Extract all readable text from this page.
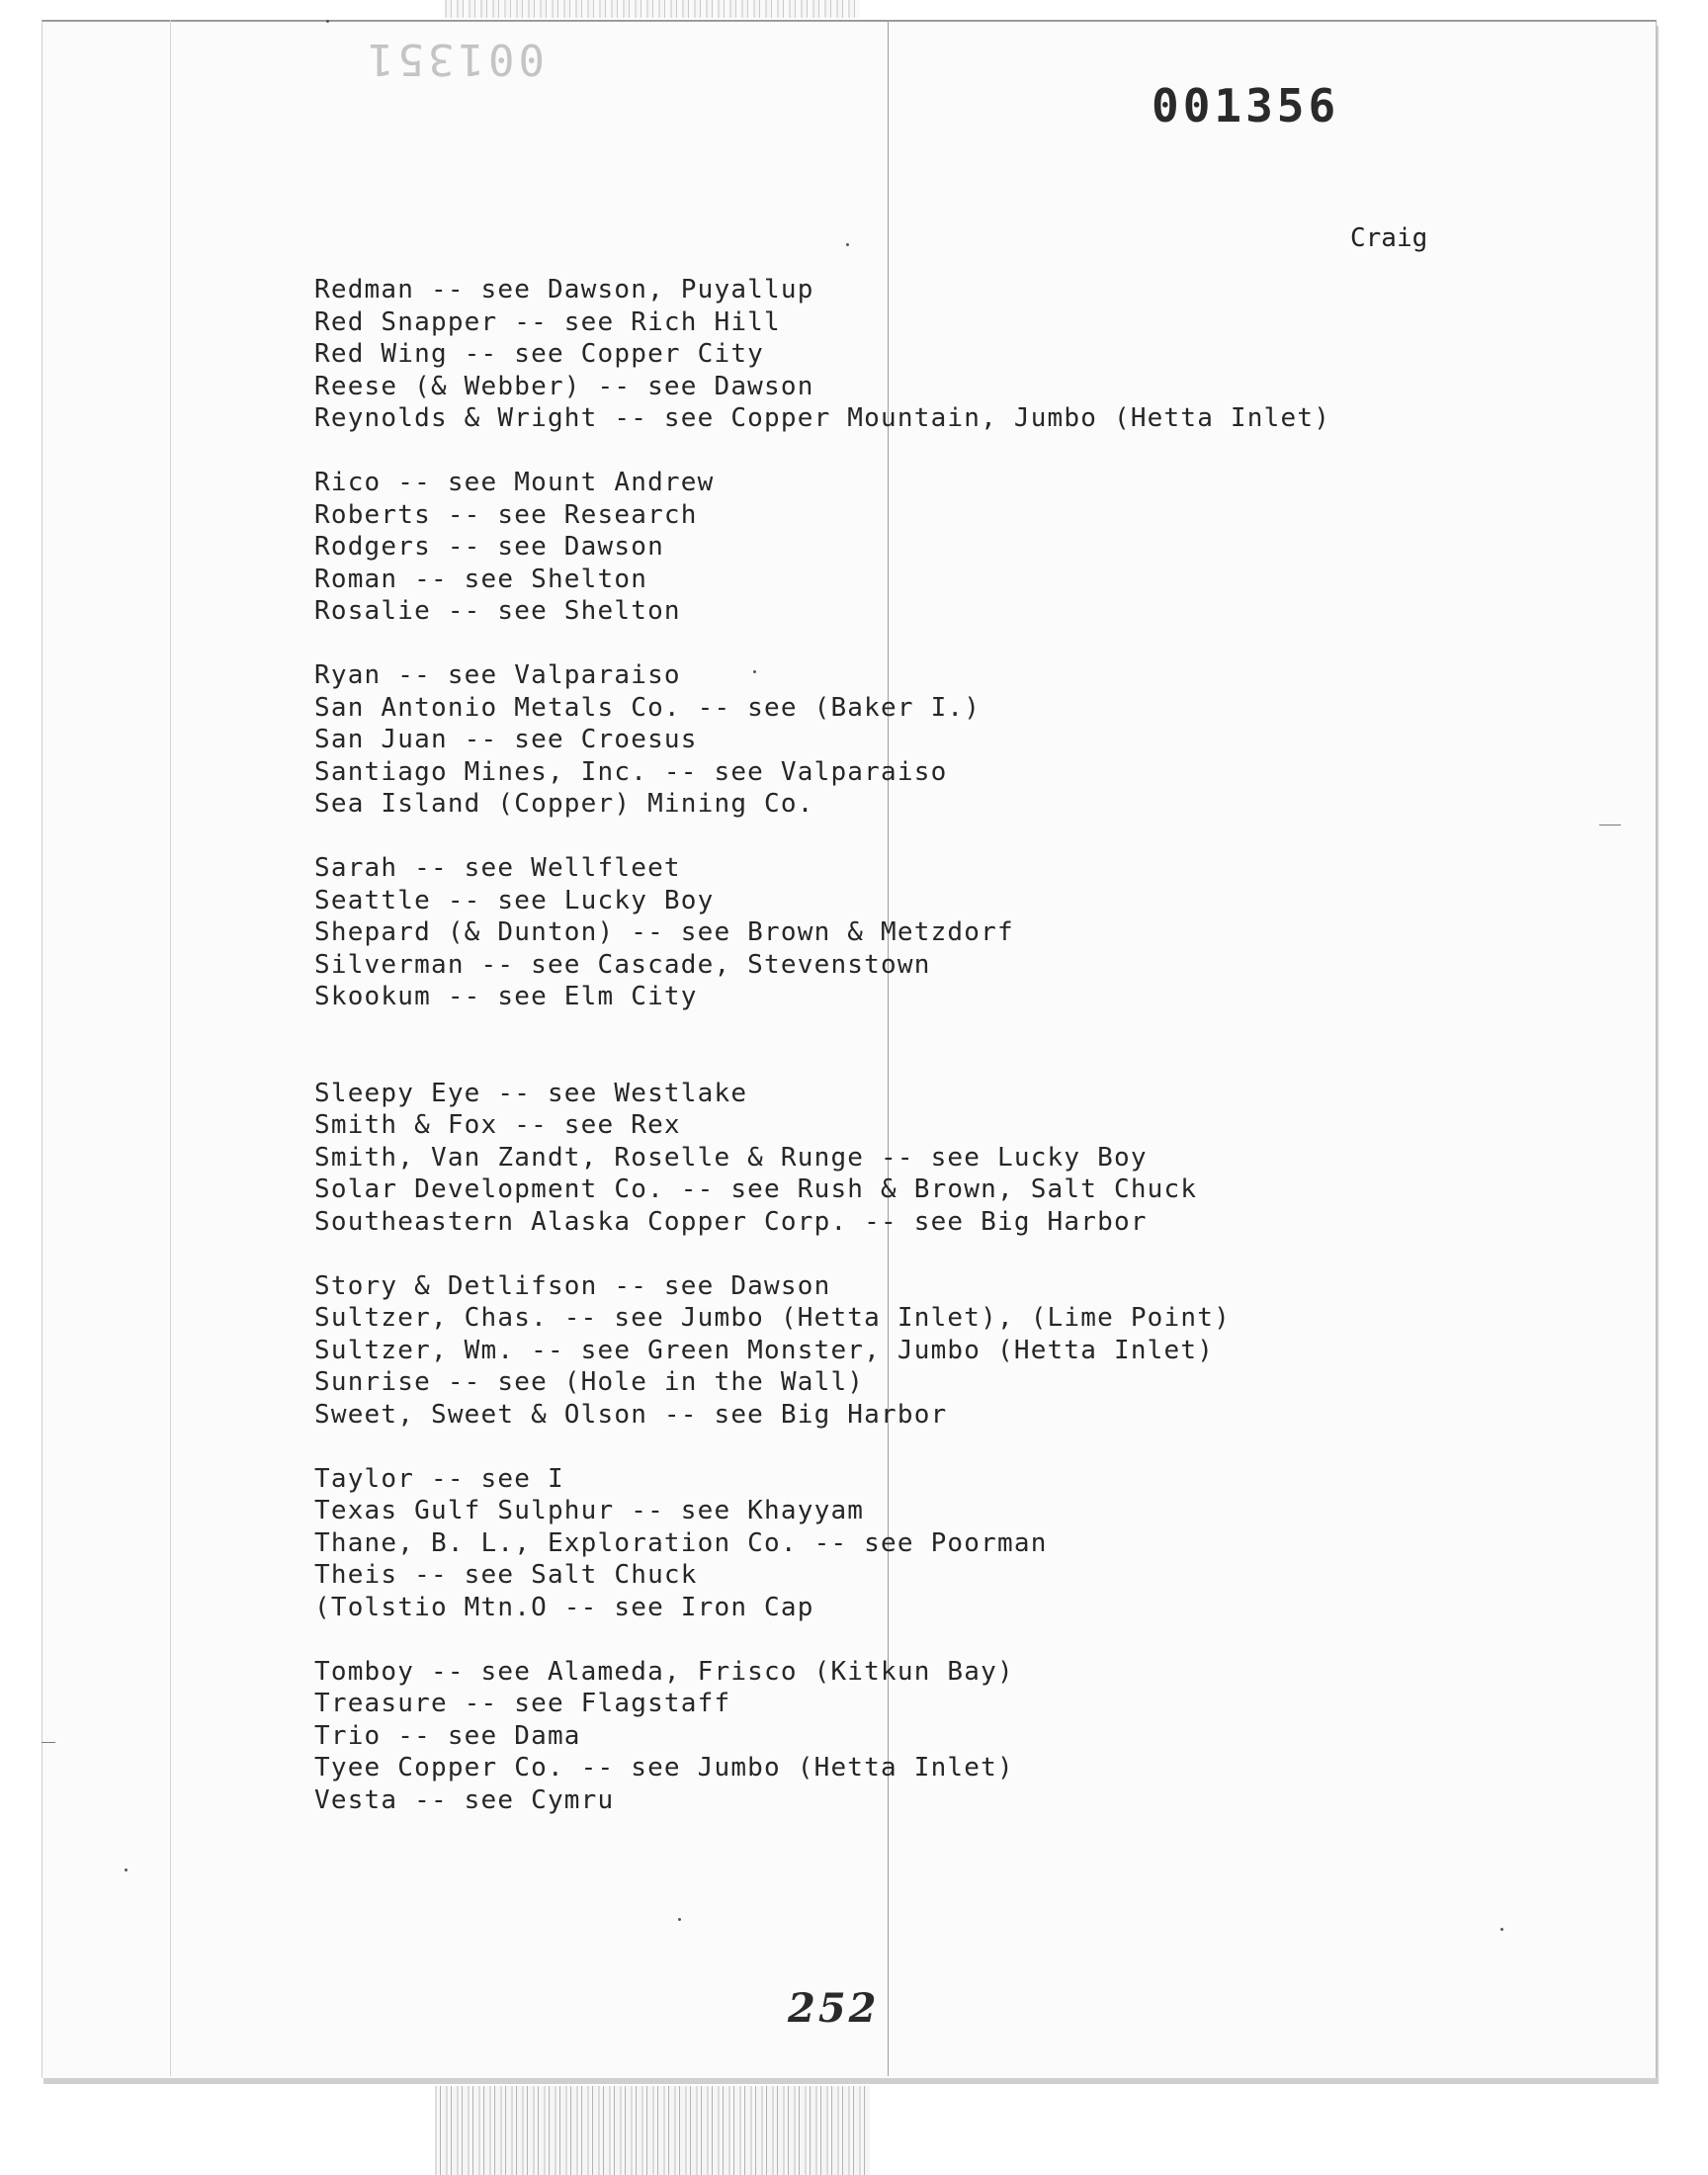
001351
001356
Craig
Redman -- see Dawson, Puyallup
Red Snapper -- see Rich Hill
Red Wing -- see Copper City
Reese (& Webber) -- see Dawson
Reynolds & Wright -- see Copper Mountain, Jumbo (Hetta Inlet)
Rico -- see Mount Andrew
Roberts -- see Research
Rodgers -- see Dawson
Roman -- see Shelton
Rosalie -- see Shelton
Ryan -- see Valparaiso
San Antonio Metals Co. -- see (Baker I.)
San Juan -- see Croesus
Santiago Mines, Inc. -- see Valparaiso
Sea Island (Copper) Mining Co.
Sarah -- see Wellfleet
Seattle -- see Lucky Boy
Shepard (& Dunton) -- see Brown & Metzdorf
Silverman -- see Cascade, Stevenstown
Skookum -- see Elm City
Sleepy Eye -- see Westlake
Smith & Fox -- see Rex
Smith, Van Zandt, Roselle & Runge -- see Lucky Boy
Solar Development Co. -- see Rush & Brown, Salt Chuck
Southeastern Alaska Copper Corp. -- see Big Harbor
Story & Detlifson -- see Dawson
Sultzer, Chas. -- see Jumbo (Hetta Inlet), (Lime Point)
Sultzer, Wm. -- see Green Monster, Jumbo (Hetta Inlet)
Sunrise -- see (Hole in the Wall)
Sweet, Sweet & Olson -- see Big Harbor
Taylor -- see I
Texas Gulf Sulphur -- see Khayyam
Thane, B. L., Exploration Co. -- see Poorman
Theis -- see Salt Chuck
(Tolstio Mtn.O -- see Iron Cap
Tomboy -- see Alameda, Frisco (Kitkun Bay)
Treasure -- see Flagstaff
Trio -- see Dama
Tyee Copper Co. -- see Jumbo (Hetta Inlet)
Vesta -- see Cymru
252
